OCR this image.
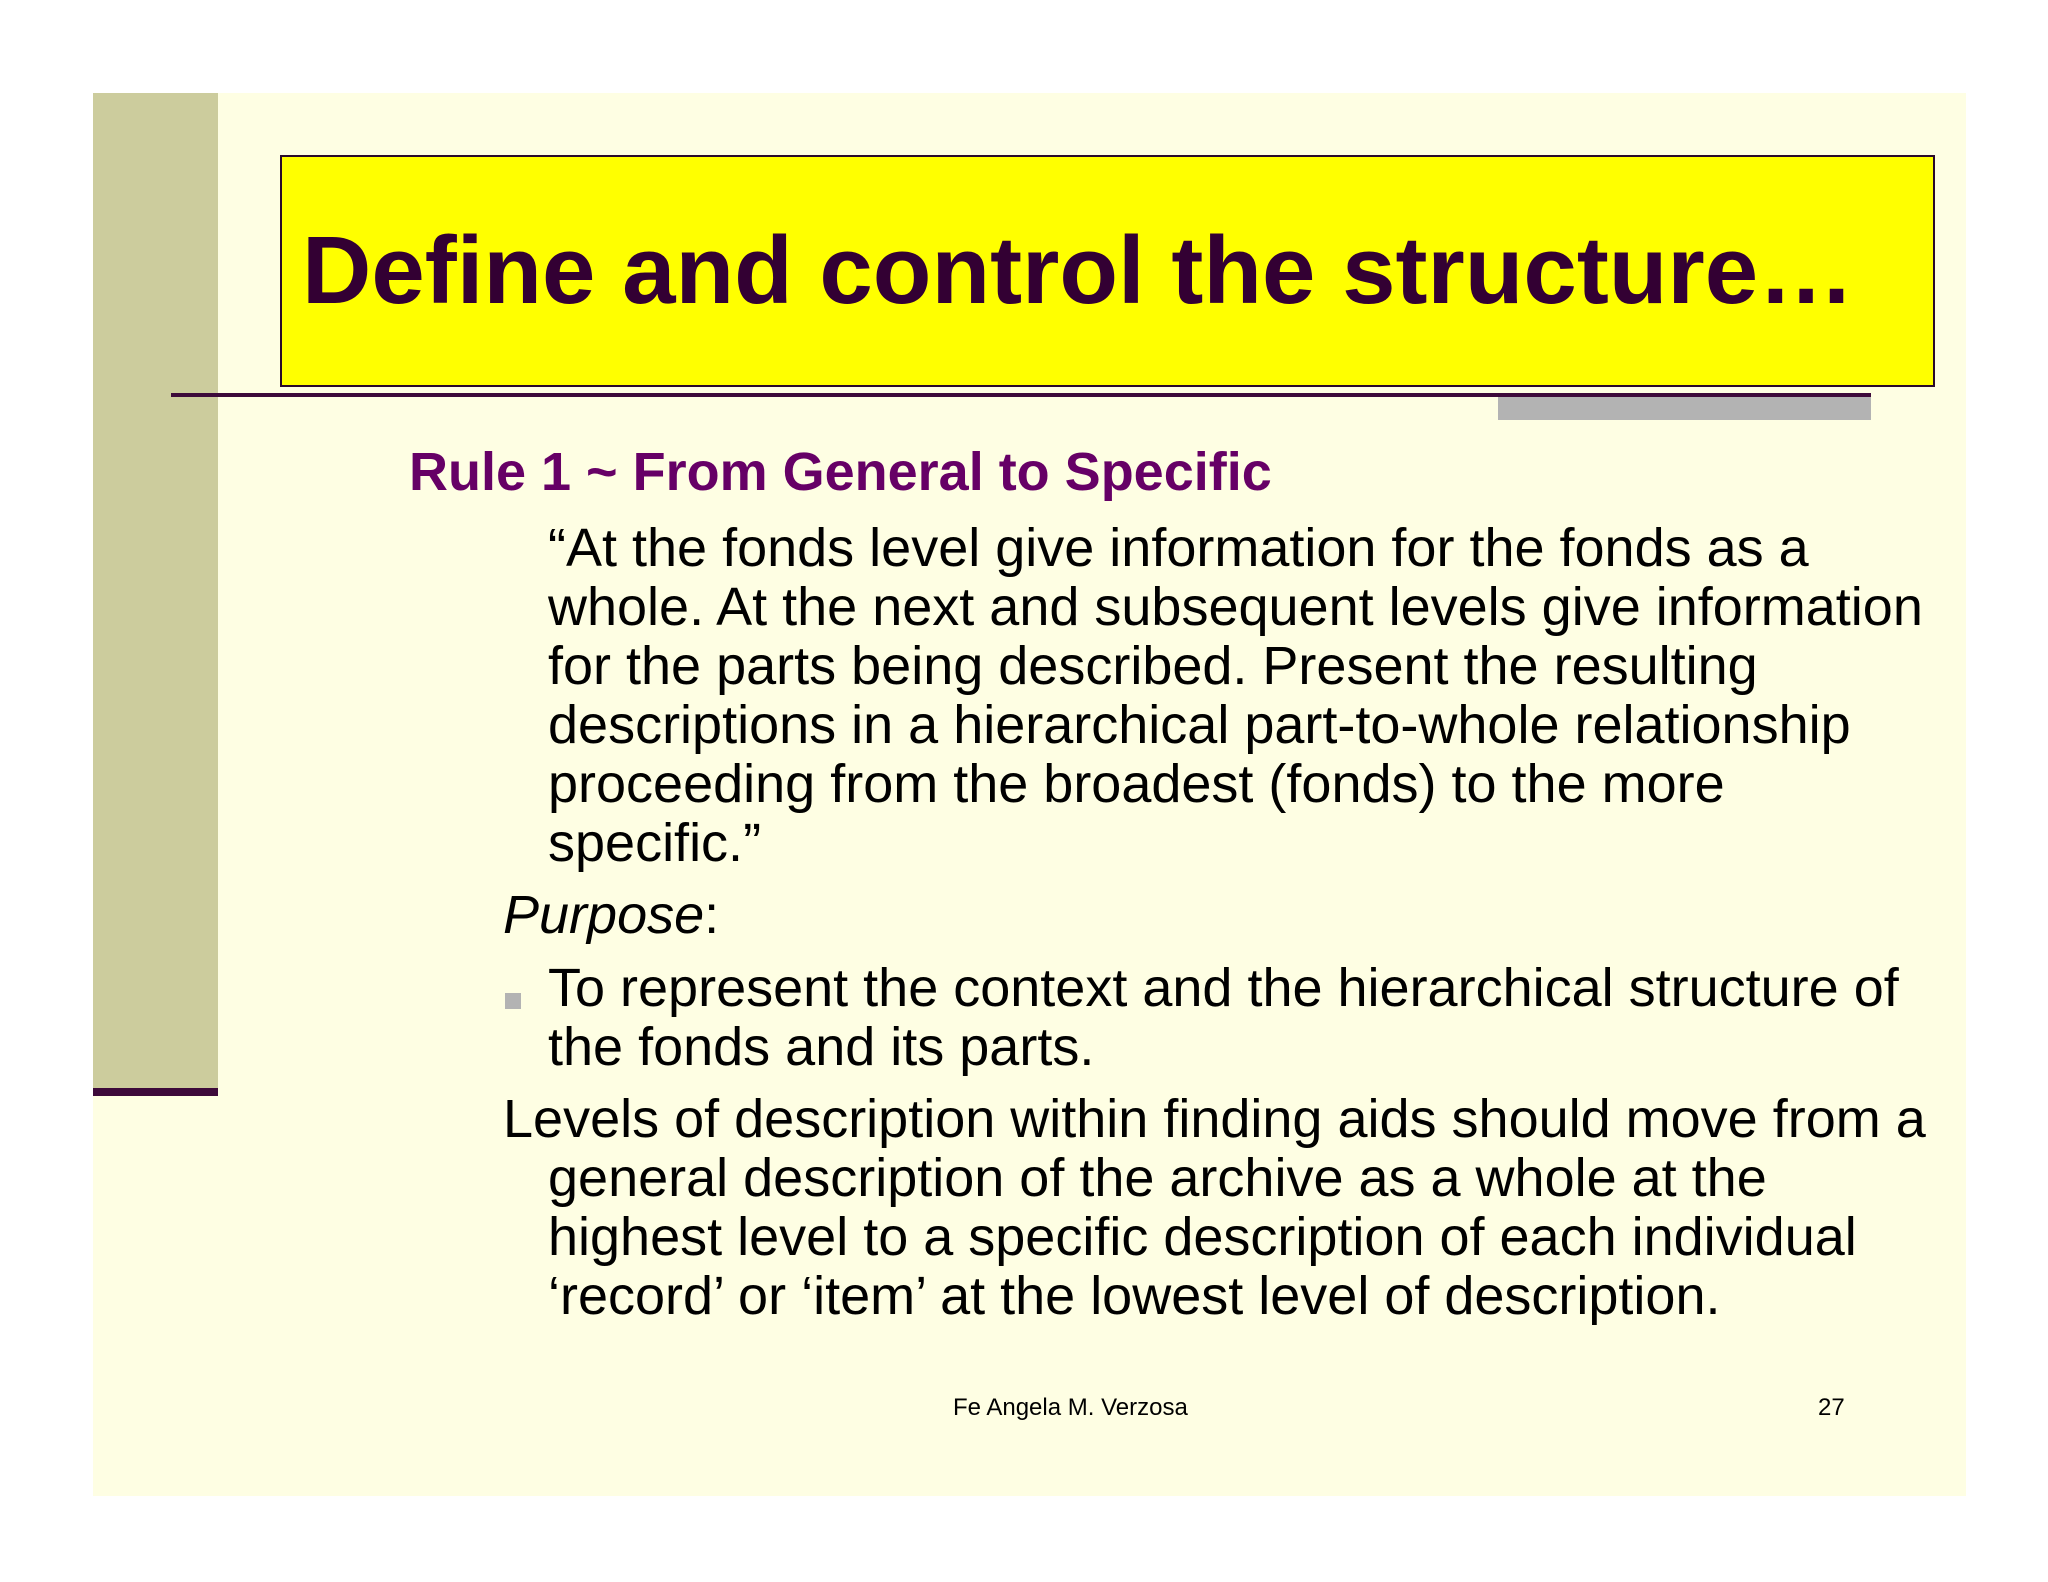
Define and control the structure…
Rule 1 ~ From General to Specific

“At the fonds level give information for the fonds as a whole. At the next and subsequent levels give information for the parts being described. Present the resulting descriptions in a hierarchical part-to-whole relationship proceeding from the broadest (fonds) to the more specific.”

Purpose:

To represent the context and the hierarchical structure of the fonds and its parts.

Levels of description within finding aids should move from a general description of the archive as a whole at the highest level to a specific description of each individual ‘record’ or ‘item’ at the lowest level of description.

Fe Angela M. Verzosa	27
